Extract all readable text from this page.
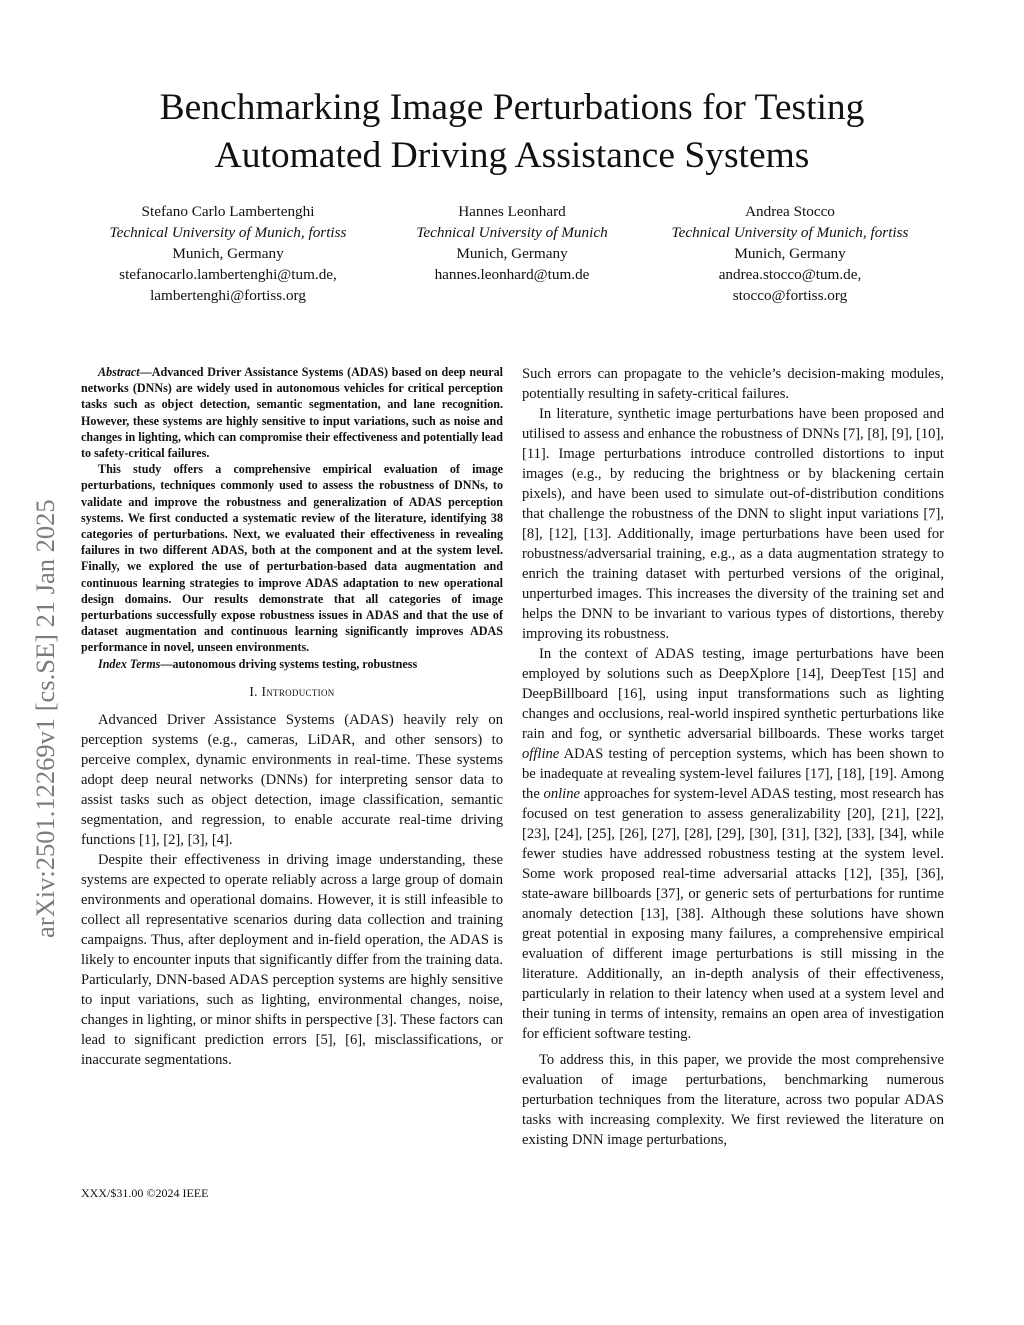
Benchmarking Image Perturbations for Testing
Automated Driving Assistance Systems
Stefano Carlo Lambertenghi
Technical University of Munich, fortiss
Munich, Germany
stefanocarlo.lambertenghi@tum.de,
lambertenghi@fortiss.org
Hannes Leonhard
Technical University of Munich
Munich, Germany
hannes.leonhard@tum.de
Andrea Stocco
Technical University of Munich, fortiss
Munich, Germany
andrea.stocco@tum.de,
stocco@fortiss.org
arXiv:2501.12269v1 [cs.SE] 21 Jan 2025

Abstract—Advanced Driver Assistance Systems (ADAS) based on deep neural networks (DNNs) are widely used in autonomous vehicles for critical perception tasks such as object detection, semantic segmentation, and lane recognition. However, these systems are highly sensitive to input variations, such as noise and changes in lighting, which can compromise their effectiveness and potentially lead to safety-critical failures.

This study offers a comprehensive empirical evaluation of image perturbations, techniques commonly used to assess the robustness of DNNs, to validate and improve the robustness and generalization of ADAS perception systems. We first conducted a systematic review of the literature, identifying 38 categories of perturbations. Next, we evaluated their effectiveness in revealing failures in two different ADAS, both at the component and at the system level. Finally, we explored the use of perturbation-based data augmentation and continuous learning strategies to improve ADAS adaptation to new operational design domains. Our results demonstrate that all categories of image perturbations successfully expose robustness issues in ADAS and that the use of dataset augmentation and continuous learning significantly improves ADAS performance in novel, unseen environments.

Index Terms—autonomous driving systems testing, robustness

I. Introduction

Advanced Driver Assistance Systems (ADAS) heavily rely on perception systems (e.g., cameras, LiDAR, and other sensors) to perceive complex, dynamic environments in real-time. These systems adopt deep neural networks (DNNs) for interpreting sensor data to assist tasks such as object detection, image classification, semantic segmentation, and regression, to enable accurate real-time driving functions [1], [2], [3], [4].

Despite their effectiveness in driving image understanding, these systems are expected to operate reliably across a large group of domain environments and operational domains. However, it is still infeasible to collect all representative scenarios during data collection and training campaigns. Thus, after deployment and in-field operation, the ADAS is likely to encounter inputs that significantly differ from the training data. Particularly, DNN-based ADAS perception systems are highly sensitive to input variations, such as lighting, environmental changes, noise, changes in lighting, or minor shifts in perspective [3]. These factors can lead to significant prediction errors [5], [6], misclassifications, or inaccurate segmentations.

Such errors can propagate to the vehicle’s decision-making modules, potentially resulting in safety-critical failures.

In literature, synthetic image perturbations have been proposed and utilised to assess and enhance the robustness of DNNs [7], [8], [9], [10], [11]. Image perturbations introduce controlled distortions to input images (e.g., by reducing the brightness or by blackening certain pixels), and have been used to simulate out-of-distribution conditions that challenge the robustness of the DNN to slight input variations [7], [8], [12], [13]. Additionally, image perturbations have been used for robustness/adversarial training, e.g., as a data augmentation strategy to enrich the training dataset with perturbed versions of the original, unperturbed images. This increases the diversity of the training set and helps the DNN to be invariant to various types of distortions, thereby improving its robustness.

In the context of ADAS testing, image perturbations have been employed by solutions such as DeepXplore [14], DeepTest [15] and DeepBillboard [16], using input transformations such as lighting changes and occlusions, real-world inspired synthetic perturbations like rain and fog, or synthetic adversarial billboards. These works target offline ADAS testing of perception systems, which has been shown to be inadequate at revealing system-level failures [17], [18], [19]. Among the online approaches for system-level ADAS testing, most research has focused on test generation to assess generalizability [20], [21], [22], [23], [24], [25], [26], [27], [28], [29], [30], [31], [32], [33], [34], while fewer studies have addressed robustness testing at the system level. Some work proposed real-time adversarial attacks [12], [35], [36], state-aware billboards [37], or generic sets of perturbations for runtime anomaly detection [13], [38]. Although these solutions have shown great potential in exposing many failures, a comprehensive empirical evaluation of different image perturbations is still missing in the literature. Additionally, an in-depth analysis of their effectiveness, particularly in relation to their latency when used at a system level and their tuning in terms of intensity, remains an open area of investigation for efficient software testing.

To address this, in this paper, we provide the most comprehensive evaluation of image perturbations, benchmarking numerous perturbation techniques from the literature, across two popular ADAS tasks with increasing complexity. We first reviewed the literature on existing DNN image perturbations,

XXX/$31.00 ©2024 IEEE
